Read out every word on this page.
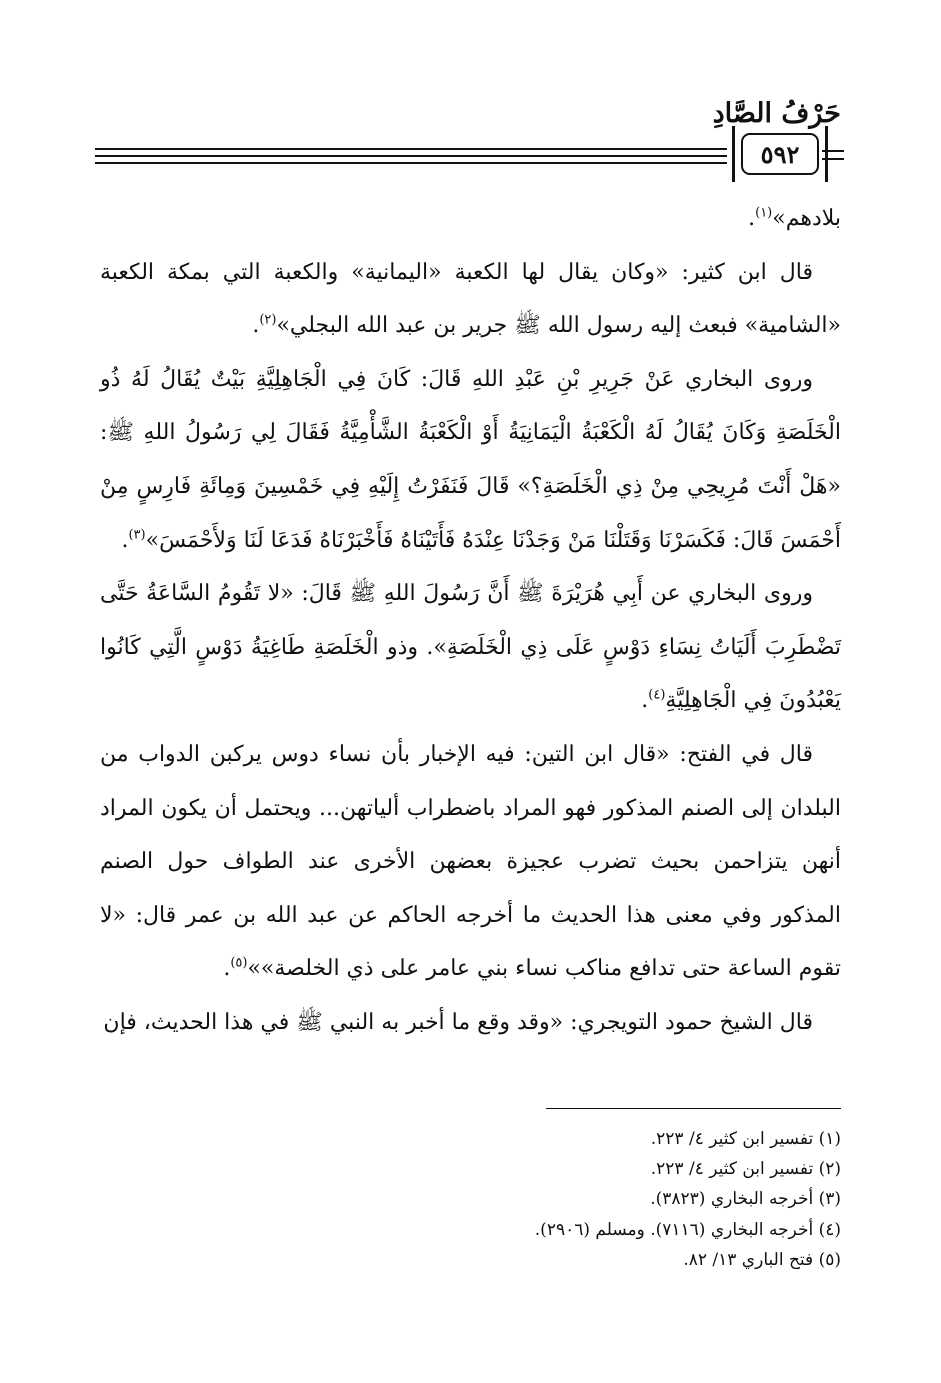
حَرْفُ الصَّادِ
٥٩٢

بلادهم»$^{(١)}$.

قال ابن كثير: «وكان يقال لها الكعبة «اليمانية» والكعبة التي بمكة الكعبة «الشامية» فبعث إليه رسول الله ﷺ جرير بن عبد الله البجلي»$^{(٢)}$.

وروى البخاري عَنْ جَرِيرِ بْنِ عَبْدِ اللهِ قَالَ: كَانَ فِي الْجَاهِلِيَّةِ بَيْتٌ يُقَالُ لَهُ ذُو الْخَلَصَةِ وَكَانَ يُقَالُ لَهُ الْكَعْبَةُ الْيَمَانِيَةُ أَوْ الْكَعْبَةُ الشَّأْمِيَّةُ فَقَالَ لِي رَسُولُ اللهِ ﷺ: «هَلْ أَنْتَ مُرِيحِي مِنْ ذِي الْخَلَصَةِ؟» قَالَ فَنَفَرْتُ إِلَيْهِ فِي خَمْسِينَ وَمِائَةِ فَارِسٍ مِنْ أَحْمَسَ قَالَ: فَكَسَرْنَا وَقَتَلْنَا مَنْ وَجَدْنَا عِنْدَهُ فَأَتَيْنَاهُ فَأَخْبَرْنَاهُ فَدَعَا لَنَا وَلأَحْمَسَ»$^{(٣)}$.

وروى البخاري عن أَبِي هُرَيْرَةَ ﷺ أَنَّ رَسُولَ اللهِ ﷺ قَالَ: «لا تَقُومُ السَّاعَةُ حَتَّى تَضْطَرِبَ أَلَيَاتُ نِسَاءِ دَوْسٍ عَلَى ذِي الْخَلَصَةِ». وذو الْخَلَصَةِ طَاغِيَةُ دَوْسٍ الَّتِي كَانُوا يَعْبُدُونَ فِي الْجَاهِلِيَّةِ$^{(٤)}$.

قال في الفتح: «قال ابن التين: فيه الإخبار بأن نساء دوس يركبن الدواب من البلدان إلى الصنم المذكور فهو المراد باضطراب ألياتهن... ويحتمل أن يكون المراد أنهن يتزاحمن بحيث تضرب عجيزة بعضهن الأخرى عند الطواف حول الصنم المذكور وفي معنى هذا الحديث ما أخرجه الحاكم عن عبد الله بن عمر قال: «لا تقوم الساعة حتى تدافع مناكب نساء بني عامر على ذي الخلصة»»$^{(٥)}$.

قال الشيخ حمود التويجري: «وقد وقع ما أخبر به النبي ﷺ في هذا الحديث، فإن

(١) تفسير ابن كثير ٤/ ٢٢٣.
(٢) تفسير ابن كثير ٤/ ٢٢٣.
(٣) أخرجه البخاري (٣٨٢٣).
(٤) أخرجه البخاري (٧١١٦). ومسلم (٢٩٠٦).
(٥) فتح الباري ١٣/ ٨٢.
